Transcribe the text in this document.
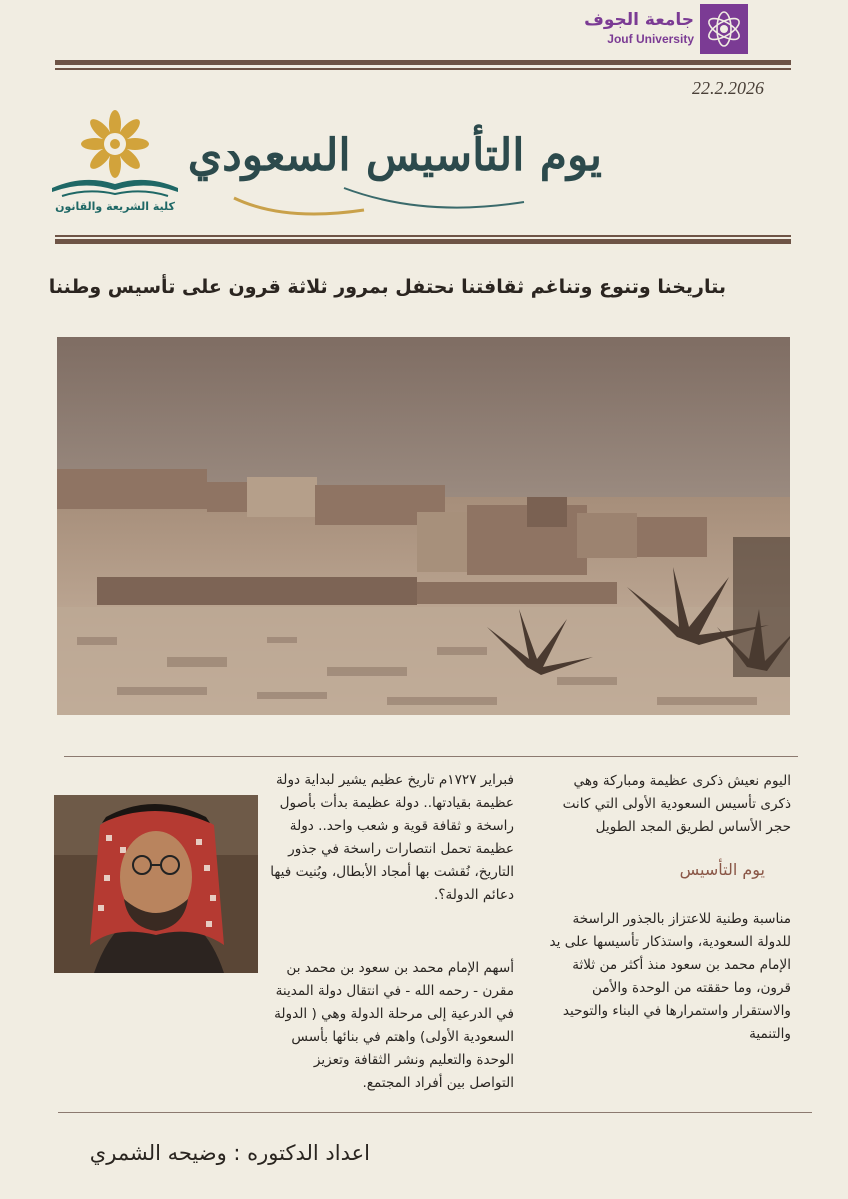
جامعة الجوف
Jouf University
22.2.2026
كلية الشريعة والقانون
يوم التأسيس السعودي
بتاريخنا وتنوع وتناغم ثقافتنا نحتفل بمرور ثلاثة قرون على تأسيس وطننا
اليوم نعيش ذكرى عظيمة ومباركة وهي ذكرى تأسيس السعودية الأولى التي كانت حجر الأساس لطريق المجد الطويل
يوم التأسيس
مناسبة وطنية للاعتزاز بالجذور الراسخة للدولة السعودية، واستذكار تأسيسها على يد الإمام محمد بن سعود منذ أكثر من ثلاثة قرون، وما حققته من الوحدة والأمن والاستقرار واستمرارها في البناء والتوحيد والتنمية
فبراير ١٧٢٧م تاريخ عظيم يشير لبداية دولة عظيمة بقيادتها.. دولة عظيمة بدأت بأصول راسخة و ثقافة قوية و شعب واحد.. دولة عظيمة تحمل انتصارات راسخة في جذور التاريخ، نُقشت بها أمجاد الأبطال، وبُنيت فيها دعائم الدولة؟.
أسهم الإمام محمد بن سعود بن محمد بن مقرن - رحمه الله - في انتقال دولة المدينة في الدرعية إلى مرحلة الدولة وهي ( الدولة السعودية الأولى) واهتم في بنائها بأسس الوحدة والتعليم ونشر الثقافة وتعزيز التواصل بين أفراد المجتمع.
اعداد الدكتوره : وضيحه الشمري
